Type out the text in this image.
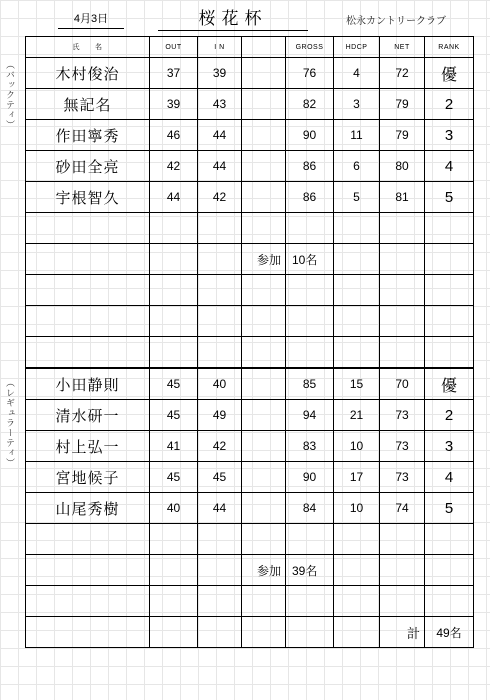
4月3日	桜花杯	松永カントリークラブ
（バックティ）
（レギュラーティ）
氏　　名	OUT	I N		GROSS	HDCP	NET	RANK
木村俊治	37	39		76	4	72	優
無記名	39	43		82	3	79	2
作田寧秀	46	44		90	11	79	3
砂田全亮	42	44		86	6	80	4
宇根智久	44	42		86	5	81	5

			参加	10名			

小田静則	45	40		85	15	70	優
清水研一	45	49		94	21	73	2
村上弘一	41	42		83	10	73	3
宮地候子	45	45		90	17	73	4
山尾秀樹	40	44		84	10	74	5

			参加	39名			

						計	49名
